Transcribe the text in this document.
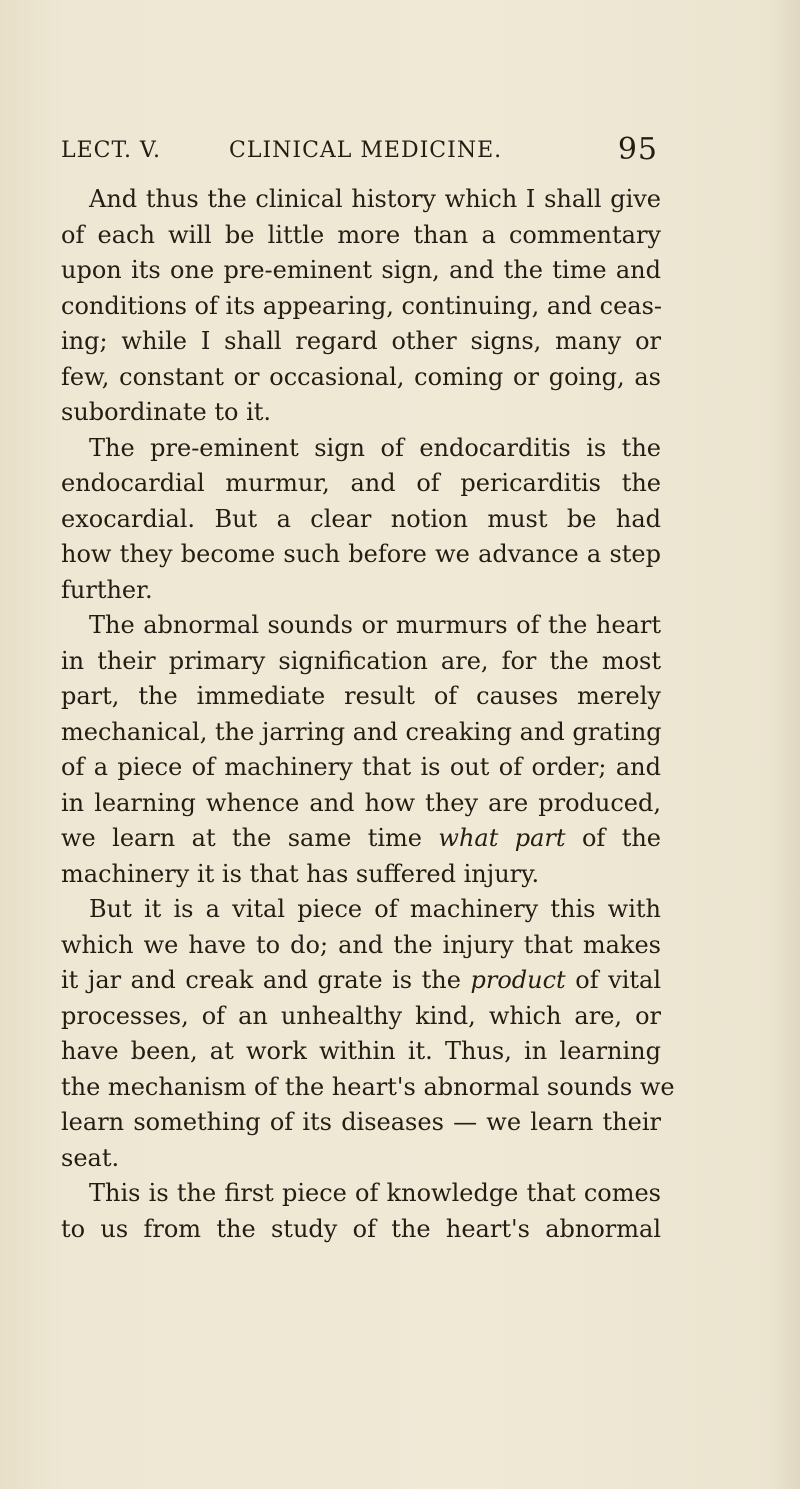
LECT. V.	CLINICAL MEDICINE.	95
And thus the clinical history which I shall give
of each will be little more than a commentary
upon its one pre-eminent sign, and the time and
conditions of its appearing, continuing, and ceas-
ing; while I shall regard other signs, many or
few, constant or occasional, coming or going, as
subordinate to it.
The pre-eminent sign of endocarditis is the
endocardial murmur, and of pericarditis the
exocardial. But a clear notion must be had
how they become such before we advance a step
further.
The abnormal sounds or murmurs of the heart
in their primary signification are, for the most
part, the immediate result of causes merely
mechanical, the jarring and creaking and grating
of a piece of machinery that is out of order; and
in learning whence and how they are produced,
we learn at the same time what part of the
machinery it is that has suffered injury.
But it is a vital piece of machinery this with
which we have to do; and the injury that makes
it jar and creak and grate is the product of vital
processes, of an unhealthy kind, which are, or
have been, at work within it. Thus, in learning
the mechanism of the heart's abnormal sounds we
learn something of its diseases — we learn their
seat.
This is the first piece of knowledge that comes
to us from the study of the heart's abnormal
